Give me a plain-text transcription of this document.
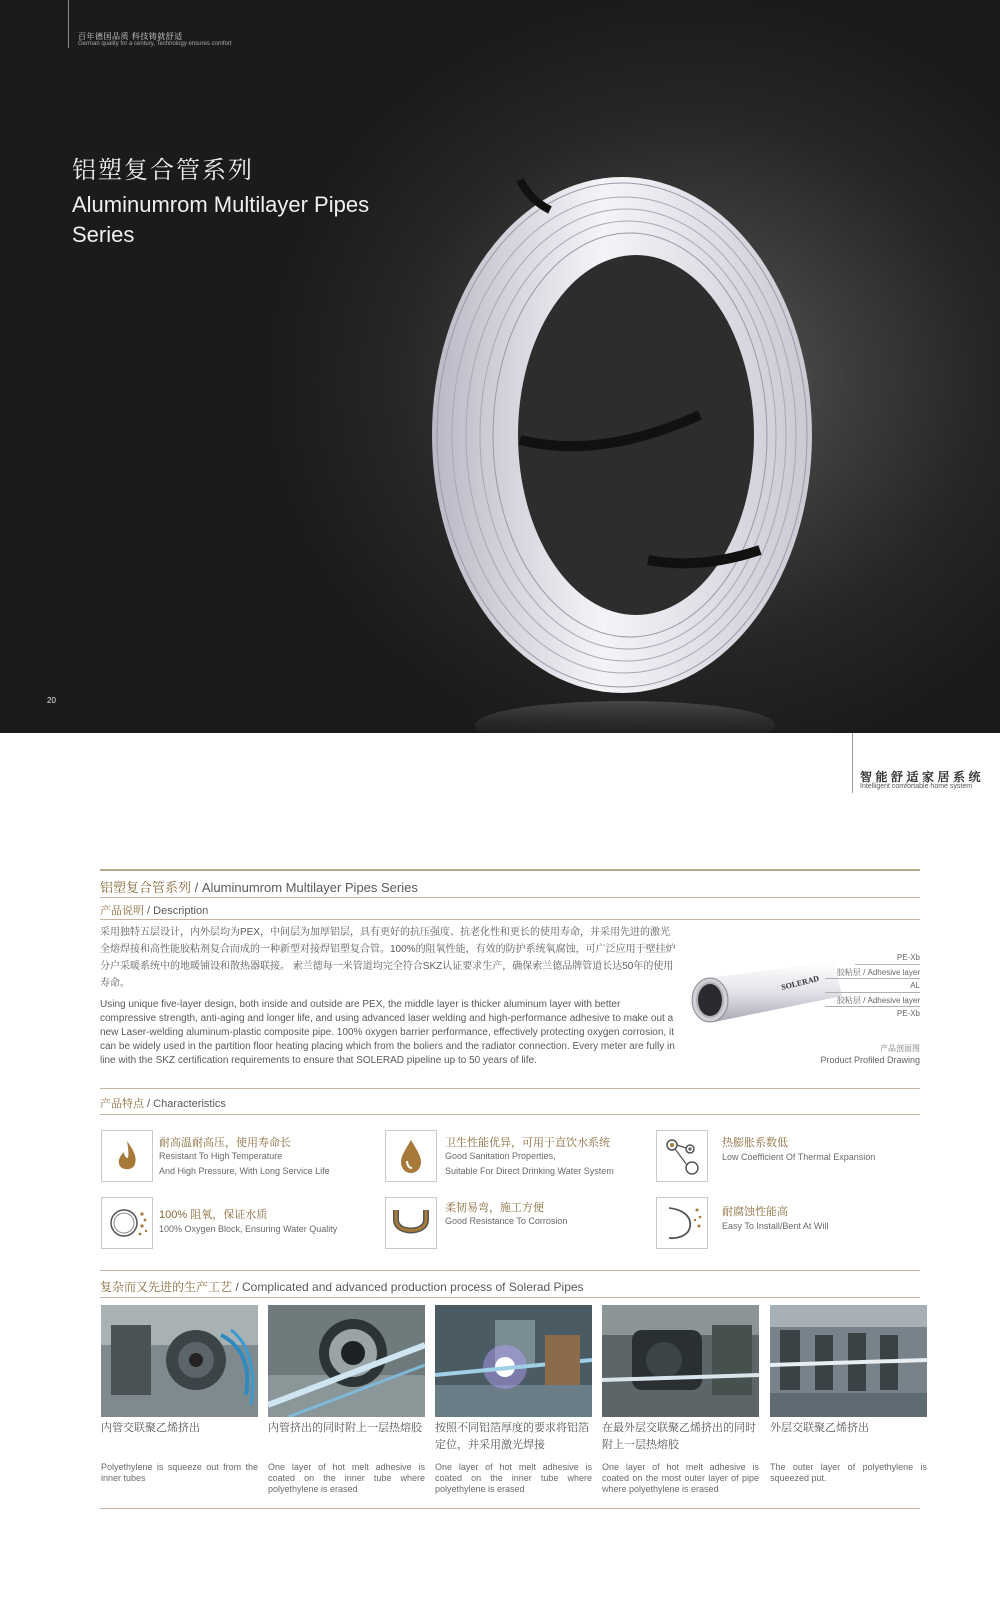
百年德国品质 科技铸就舒适
German quality for a century, Technology ensures comfort
铝塑复合管系列
Aluminumrom Multilayer Pipes Series
20
智能舒适家居系统
Intelligent comfortable home system
铝塑复合管系列 / Aluminumrom Multilayer Pipes Series
产品说明 / Description
采用独特五层设计，内外层均为PEX，中间层为加厚铝层，具有更好的抗压强度、抗老化性和更长的使用寿命，并采用先进的激光全熔焊接和高性能胶粘剂复合而成的一种新型对接焊铝塑复合管。100%的阻氧性能，有效的防护系统氧腐蚀，可广泛应用于壁挂炉分户采暖系统中的地暖铺设和散热器联接。 索兰德每一米管道均完全符合SKZ认证要求生产，确保索兰德品牌管道长达50年的使用寿命。
Using unique five-layer design, both inside and outside are PEX, the middle layer is thicker aluminum layer with better compressive strength, anti-aging and longer life, and using advanced laser welding and high-performance adhesive to make out a new Laser-welding aluminum-plastic composite pipe. 100% oxygen barrier performance, effectively protecting oxygen corrosion, it can be widely used in the partition floor heating placing which from the boliers and the radiator connection. Every meter are fully in line with the SKZ certification requirements to ensure that SOLERAD pipeline up to 50 years of life.
SOLERAD
PE-Xb
胶粘层 / Adhesive layer
AL
胶粘层 / Adhesive layer
PE-Xb
产品剖面图
Product Profiled Drawing
产品特点 / Characteristics
耐高温耐高压，使用寿命长
Resistant To High Temperature
And High Pressure, With Long Service Life
卫生性能优异，可用于直饮水系统
Good Sanitation Properties,
Suitable For Direct Drinking Water System
热膨胀系数低
Low Coefficient Of Thermal Expansion
100% 阻氧，保证水质
100% Oxygen Block, Ensuring Water Quality
柔韧易弯，施工方便
Good Resistance To Corrosion
耐腐蚀性能高
Easy To Install/Bent At Will
复杂而又先进的生产工艺 / Complicated and advanced production process of Solerad Pipes
内管交联聚乙烯挤出	内管挤出的同时附上一层热熔胶	按照不同铝箔厚度的要求将铝箔定位，并采用激光焊接
在最外层交联聚乙烯挤出的同时附上一层热熔胶
外层交联聚乙烯挤出
Polyethylene is squeeze out from the inner tubes
One layer of hot melt adhesive is coated on the inner tube where polyethylene is erased
One layer of hot melt adhesive is coated on the inner tube where polyethylene is erased
One layer of hot melt adhesive is coated on the most outer layer of pipe where polyethylene is erased
The outer layer of polyethylene is squeezed put.
